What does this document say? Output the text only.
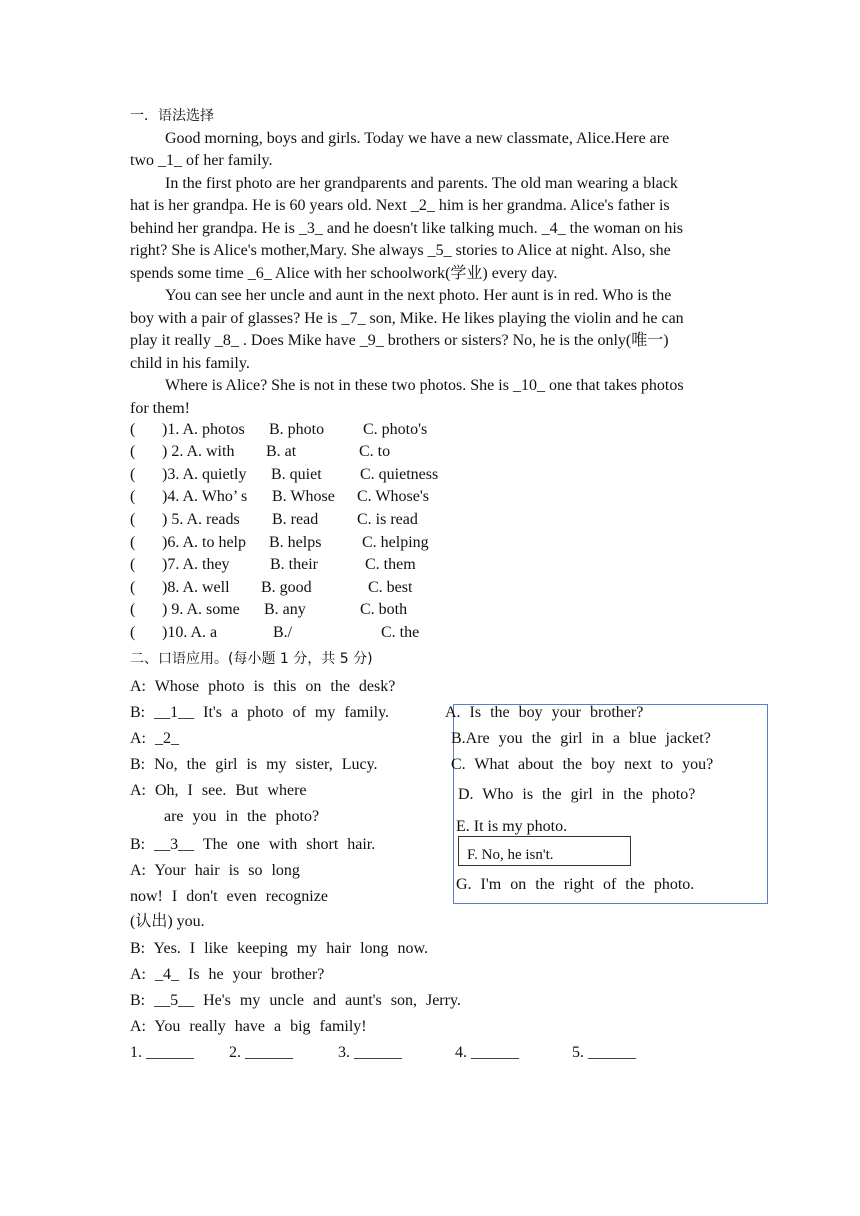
一．语法选择
Good morning, boys and girls. Today we have a new classmate, Alice.Here are
two _1_ of her family.
In the first photo are her grandparents and parents. The old man wearing a black
hat is her grandpa. He is 60 years old. Next _2_ him is her grandma. Alice's father is
behind her grandpa. He is _3_ and he doesn't like talking much. _4_ the woman on his
right? She is Alice's mother,Mary. She always _5_ stories to Alice at night. Also, she
spends some time _6_ Alice with her schoolwork(学业) every day.
You can see her uncle and aunt in the next photo. Her aunt is in red. Who is the
boy with a pair of glasses? He is _7_ son, Mike. He likes playing the violin and he can
play it really _8_ . Does Mike have _9_ brothers or sisters? No, he is the only(唯一)
child in his family.
Where is Alice? She is not in these two photos. She is _10_ one that takes photos
for them!
( )1. A. photos B. photo C. photo's
( ) 2. A. with B. at	C. to
( )3. A. quietly B. quiet C. quietness
( )4. A. Who’ s B. Whose C. Whose's
( ) 5. A. reads B. read C. is read
( )6. A. to help B. helps	C. helping
( )7. A. they	B. their	C. them
( )8. A. well B. good	C. best
( ) 9. A. some B. any	C. both
( )10. A. a	B./	C. the
二、口语应用。(每小题 1 分，共 5 分)
A: Whose photo is this on the desk?
B: __1__ It's a photo of my family.
A: _2_
B: No, the girl is my sister, Lucy.
A: Oh, I see. But where
are you in the photo?
B: __3__ The one with short hair.
A: Your hair is so long
now! I don't even recognize
(认出) you.
B: Yes. I like keeping my hair long now.
A: _4_ Is he your brother?
B: __5__ He's my uncle and aunt's son, Jerry.
A: You really have a big family!
A. Is the boy your brother?
B.Are you the girl in a blue jacket?
C. What about the boy next to you?
D. Who is the girl in the photo?
E. It is my photo.
F. No, he isn't.
G. I'm on the right of the photo.
1. ______ 2. ______	3. ______	4. ______	5. ______
